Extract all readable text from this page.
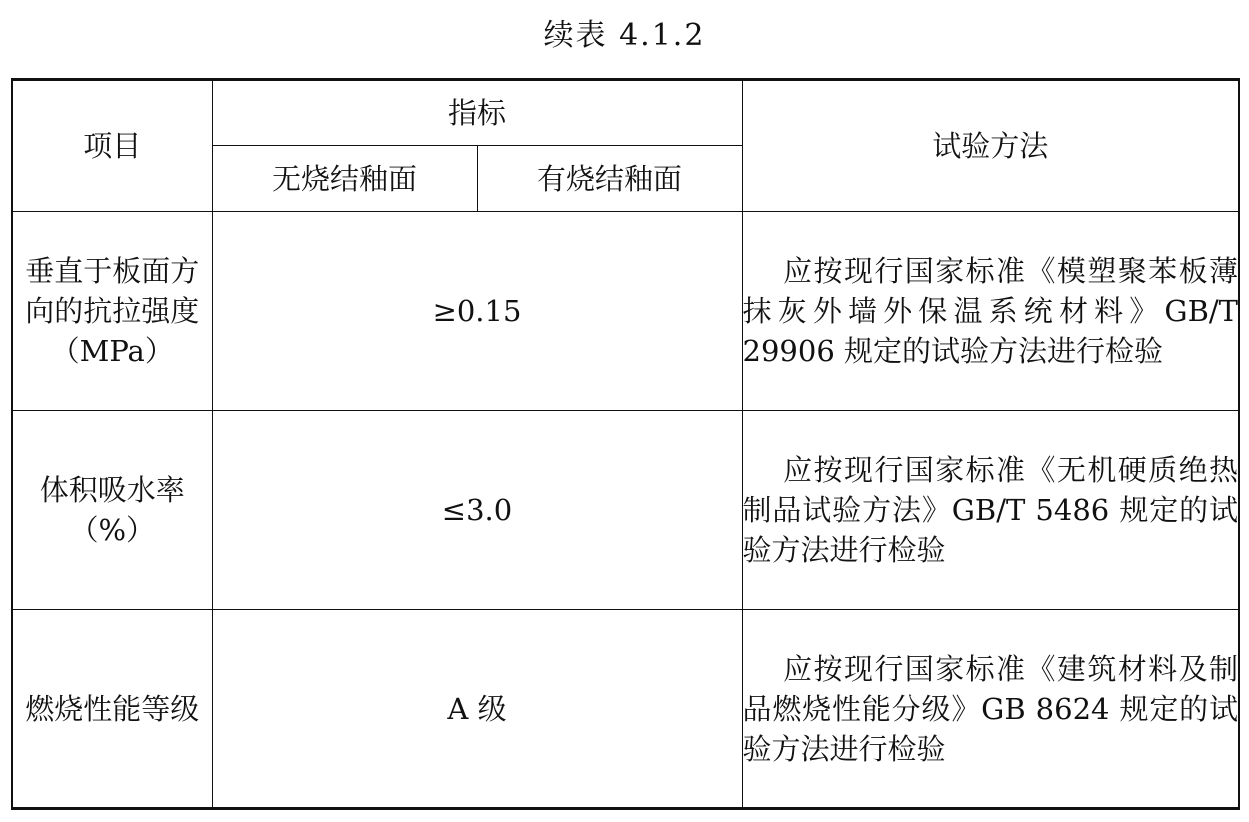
续表 4.1.2
项目	指标		试验方法
	无烧结釉面	有烧结釉面	
垂直于板面方向的抗拉强度（MPa）	≥0.15		应按现行国家标准《模塑聚苯板薄抹灰外墙外保温系统材料》GB/T 29906 规定的试验方法进行检验
体积吸水率（%）	≤3.0		应按现行国家标准《无机硬质绝热制品试验方法》GB/T 5486 规定的试验方法进行检验
燃烧性能等级	A 级		应按现行国家标准《建筑材料及制品燃烧性能分级》GB 8624 规定的试验方法进行检验
